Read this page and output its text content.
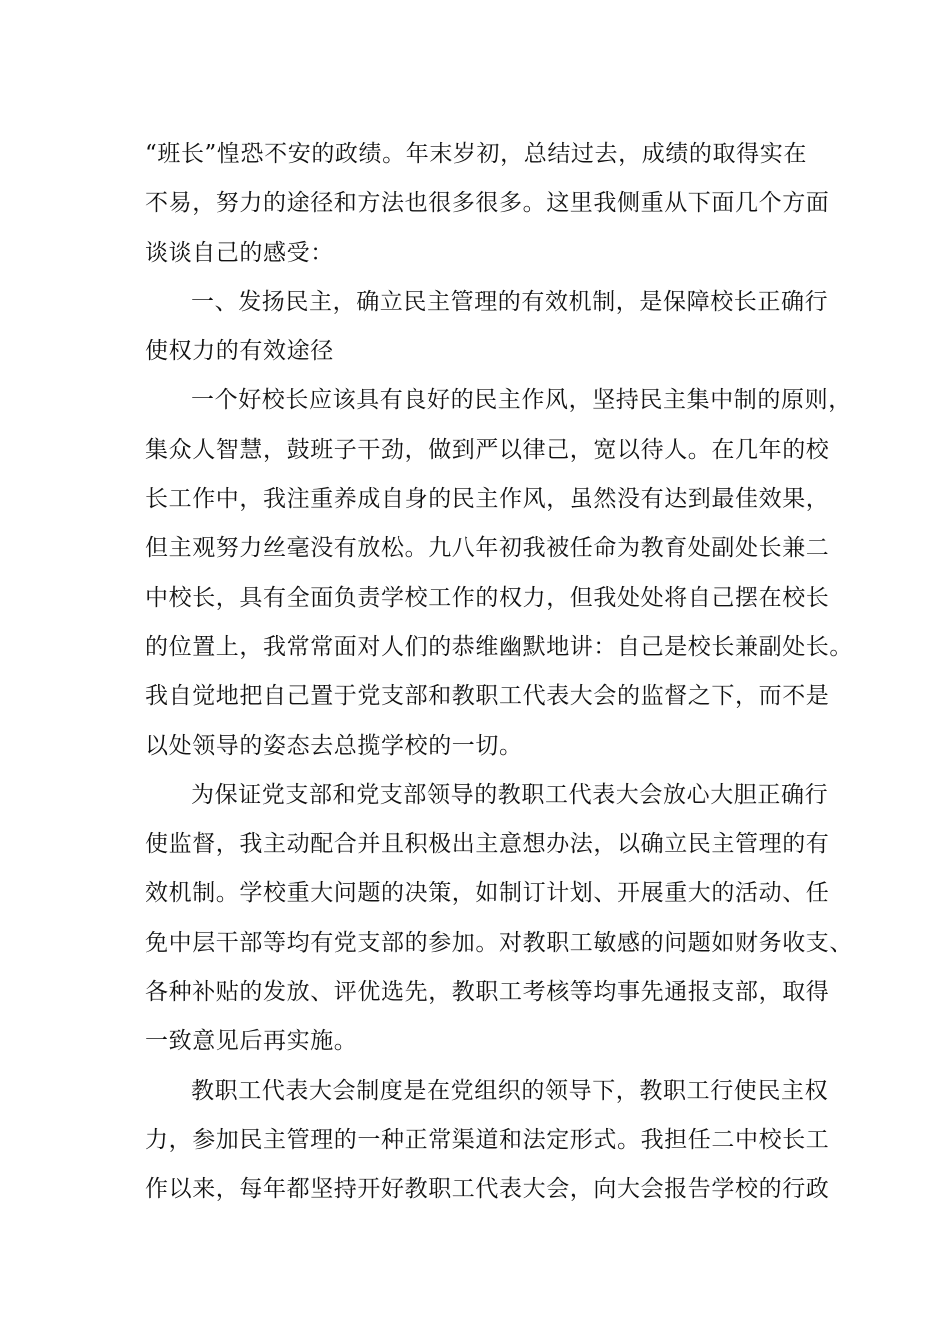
“班长”惶恐不安的政绩。年末岁初，总结过去，成绩的取得实在
不易，努力的途径和方法也很多很多。这里我侧重从下面几个方面
谈谈自己的感受：
一、发扬民主，确立民主管理的有效机制，是保障校长正确行
使权力的有效途径
一个好校长应该具有良好的民主作风，坚持民主集中制的原则，
集众人智慧，鼓班子干劲，做到严以律己，宽以待人。在几年的校
长工作中，我注重养成自身的民主作风，虽然没有达到最佳效果，
但主观努力丝毫没有放松。九八年初我被任命为教育处副处长兼二
中校长，具有全面负责学校工作的权力，但我处处将自己摆在校长
的位置上，我常常面对人们的恭维幽默地讲：自己是校长兼副处长。
我自觉地把自己置于党支部和教职工代表大会的监督之下，而不是
以处领导的姿态去总揽学校的一切。
为保证党支部和党支部领导的教职工代表大会放心大胆正确行
使监督，我主动配合并且积极出主意想办法，以确立民主管理的有
效机制。学校重大问题的决策，如制订计划、开展重大的活动、任
免中层干部等均有党支部的参加。对教职工敏感的问题如财务收支、
各种补贴的发放、评优选先，教职工考核等均事先通报支部，取得
一致意见后再实施。
教职工代表大会制度是在党组织的领导下，教职工行使民主权
力，参加民主管理的一种正常渠道和法定形式。我担任二中校长工
作以来，每年都坚持开好教职工代表大会，向大会报告学校的行政
